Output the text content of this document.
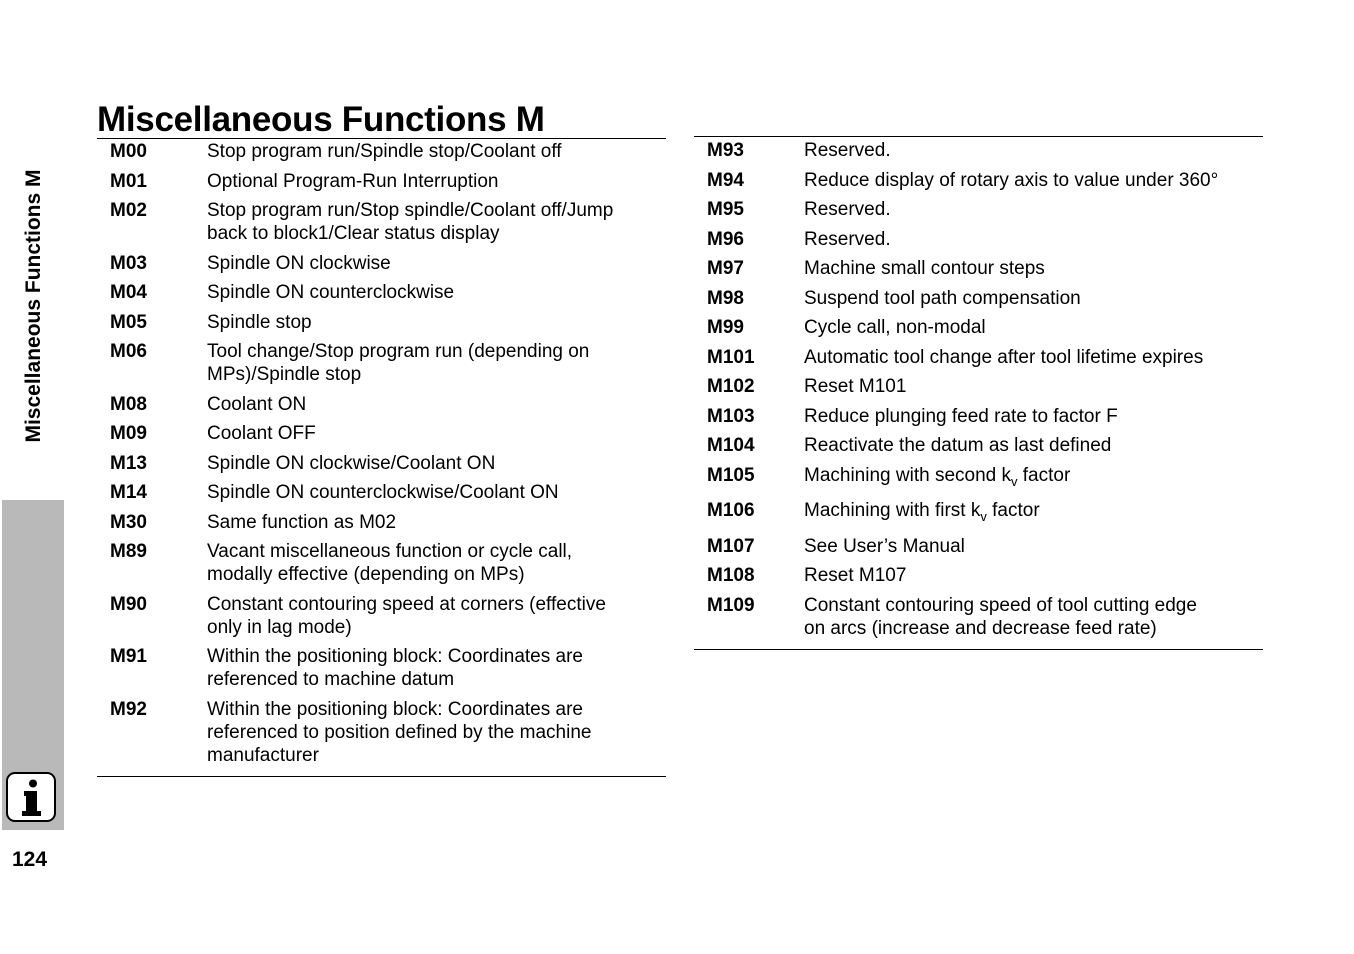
Miscellaneous Functions M
Miscellaneous Functions M
124
M00	Stop program run/Spindle stop/Coolant off
M01	Optional Program-Run Interruption
M02	Stop program run/Stop spindle/Coolant off/Jump
back to block1/Clear status display
M03	Spindle ON clockwise
M04	Spindle ON counterclockwise
M05	Spindle stop
M06	Tool change/Stop program run (depending on
MPs)/Spindle stop
M08	Coolant ON
M09	Coolant OFF
M13	Spindle ON clockwise/Coolant ON
M14	Spindle ON counterclockwise/Coolant ON
M30	Same function as M02
M89	Vacant miscellaneous function or cycle call,
modally effective (depending on MPs)
M90	Constant contouring speed at corners (effective
only in lag mode)
M91	Within the positioning block: Coordinates are
referenced to machine datum
M92	Within the positioning block: Coordinates are
referenced to position defined by the machine
manufacturer
M93	Reserved.
M94	Reduce display of rotary axis to value under 360°
M95	Reserved.
M96	Reserved.
M97	Machine small contour steps
M98	Suspend tool path compensation
M99	Cycle call, non-modal
M101	Automatic tool change after tool lifetime expires
M102	Reset M101
M103	Reduce plunging feed rate to factor F
M104	Reactivate the datum as last defined
M105	Machining with second $k_v$ factor
M106	Machining with first $k_v$ factor
M107	See User’s Manual
M108	Reset M107
M109	Constant contouring speed of tool cutting edge
on arcs (increase and decrease feed rate)
